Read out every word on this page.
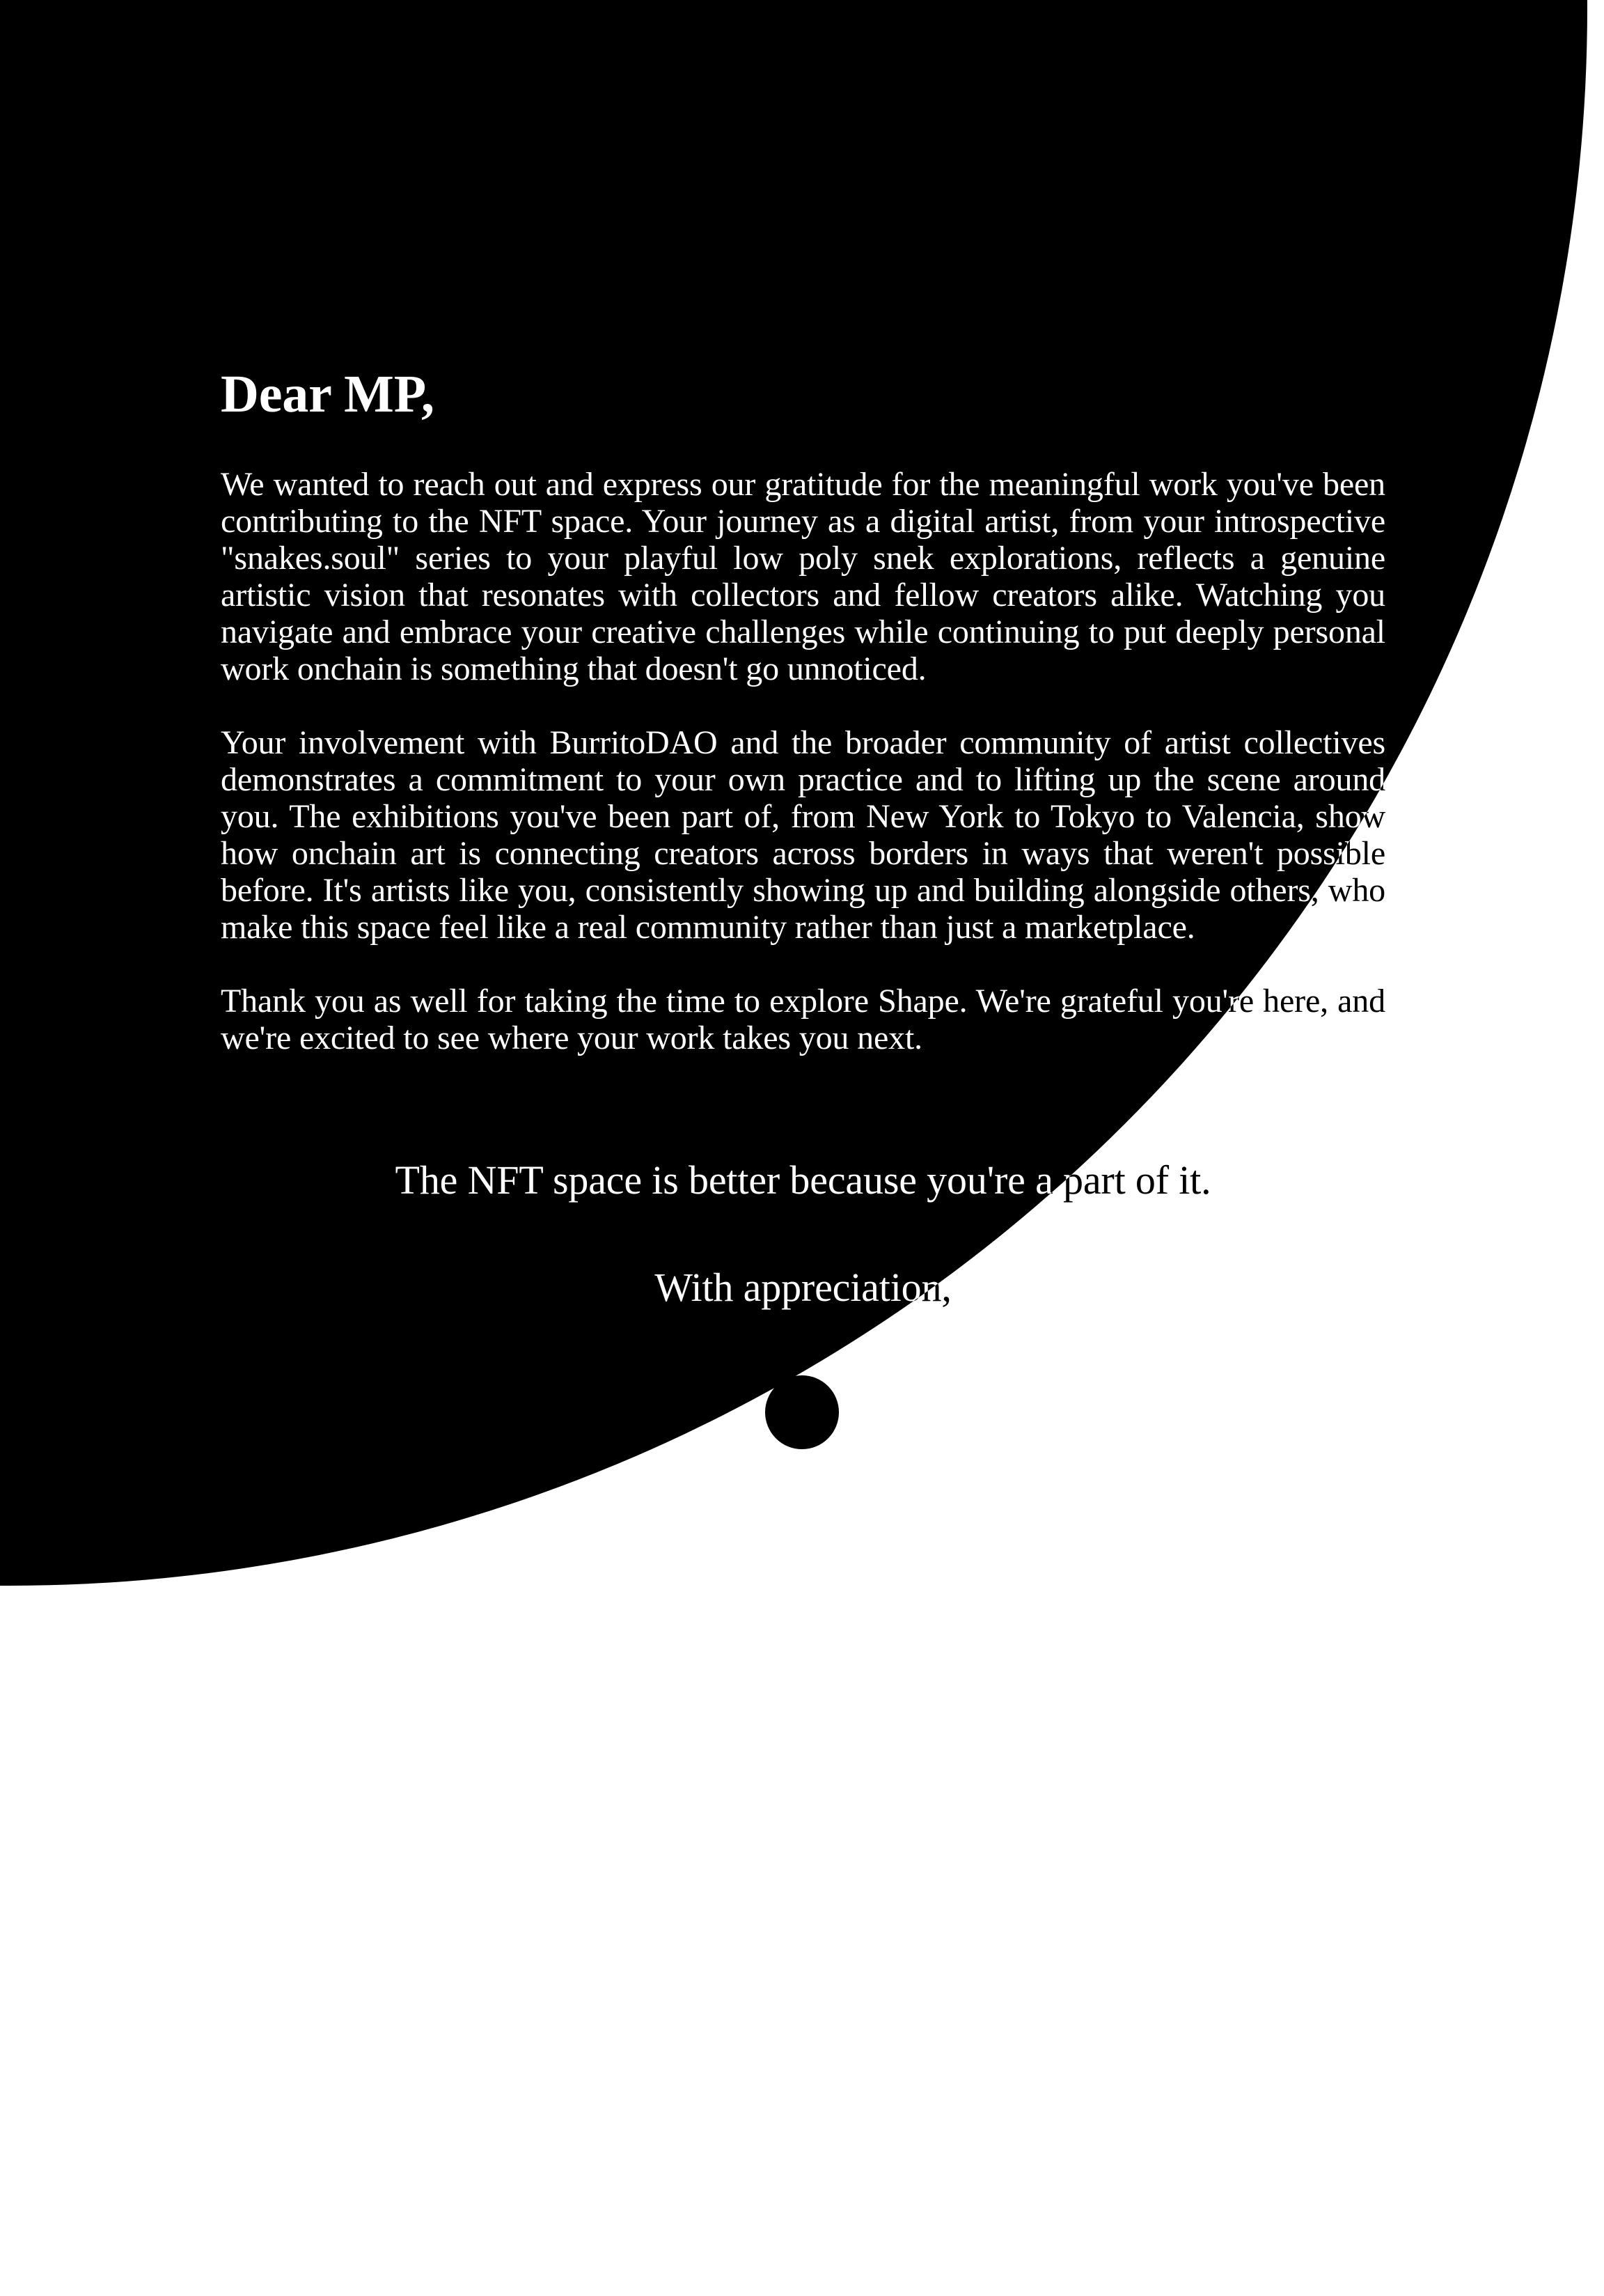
Dear MP,

We wanted to reach out and express our gratitude for the meaningful work you've been contributing to the NFT space. Your journey as a digital artist, from your introspective "snakes.soul" series to your playful low poly snek explorations, reflects a genuine artistic vision that resonates with collectors and fellow creators alike. Watching you navigate and embrace your creative challenges while continuing to put deeply personal work onchain is something that doesn't go unnoticed.

Your involvement with BurritoDAO and the broader community of artist collectives demonstrates a commitment to your own practice and to lifting up the scene around you. The exhibitions you've been part of, from New York to Tokyo to Valencia, show how onchain art is connecting creators across borders in ways that weren't possible before. It's artists like you, consistently showing up and building alongside others, who make this space feel like a real community rather than just a marketplace.

Thank you as well for taking the time to explore Shape. We're grateful you're here, and we're excited to see where your work takes you next.

The NFT space is better because you're a part of it.
With appreciation,
